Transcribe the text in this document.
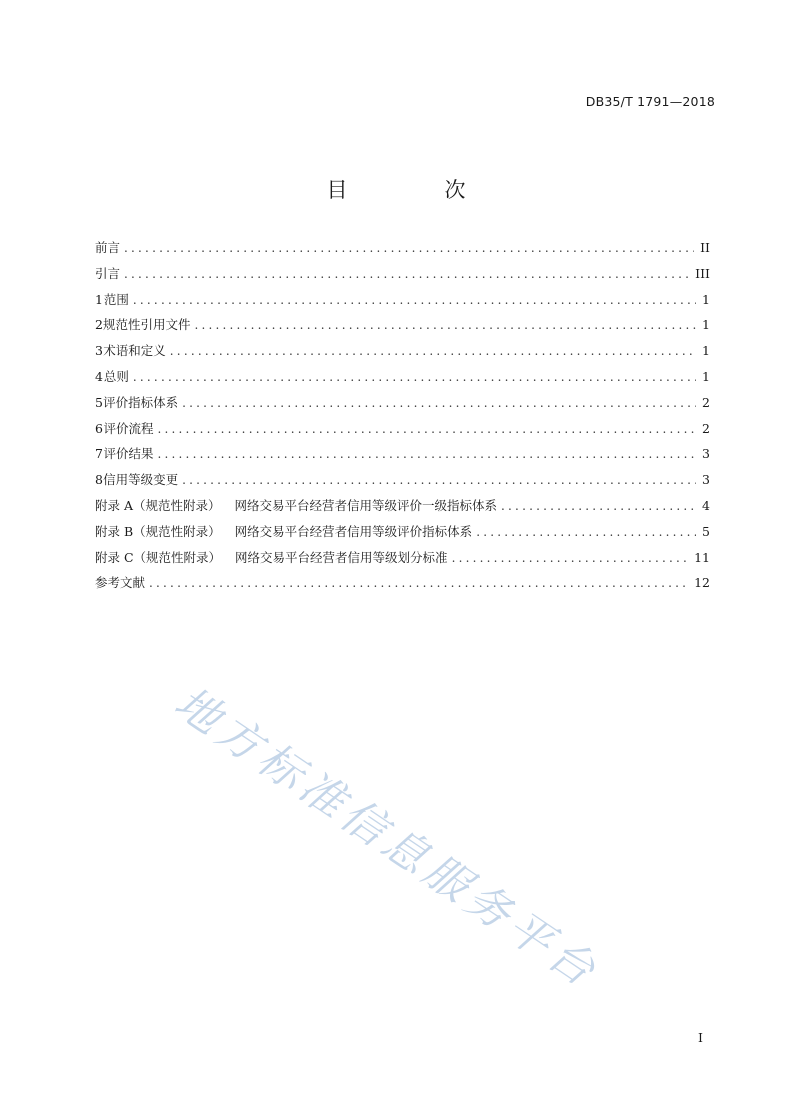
DB35/T 1791—2018
目　次
前言 .....	II
引言 .....	III
1 范围 .....	1
2 规范性引用文件 .....	1
3 术语和定义 .....	1
4 总则 .....	1
5 评价指标体系 .....	2
6 评价流程 .....	2
7 评价结果 .....	3
8 信用等级变更 .....	3
附录 A（规范性附录） 网络交易平台经营者信用等级评价一级指标体系 .....	4
附录 B（规范性附录） 网络交易平台经营者信用等级评价指标体系 .....	5
附录 C（规范性附录） 网络交易平台经营者信用等级划分标准 .....	11
参考文献 .....	12
地方标准信息服务平台
I
